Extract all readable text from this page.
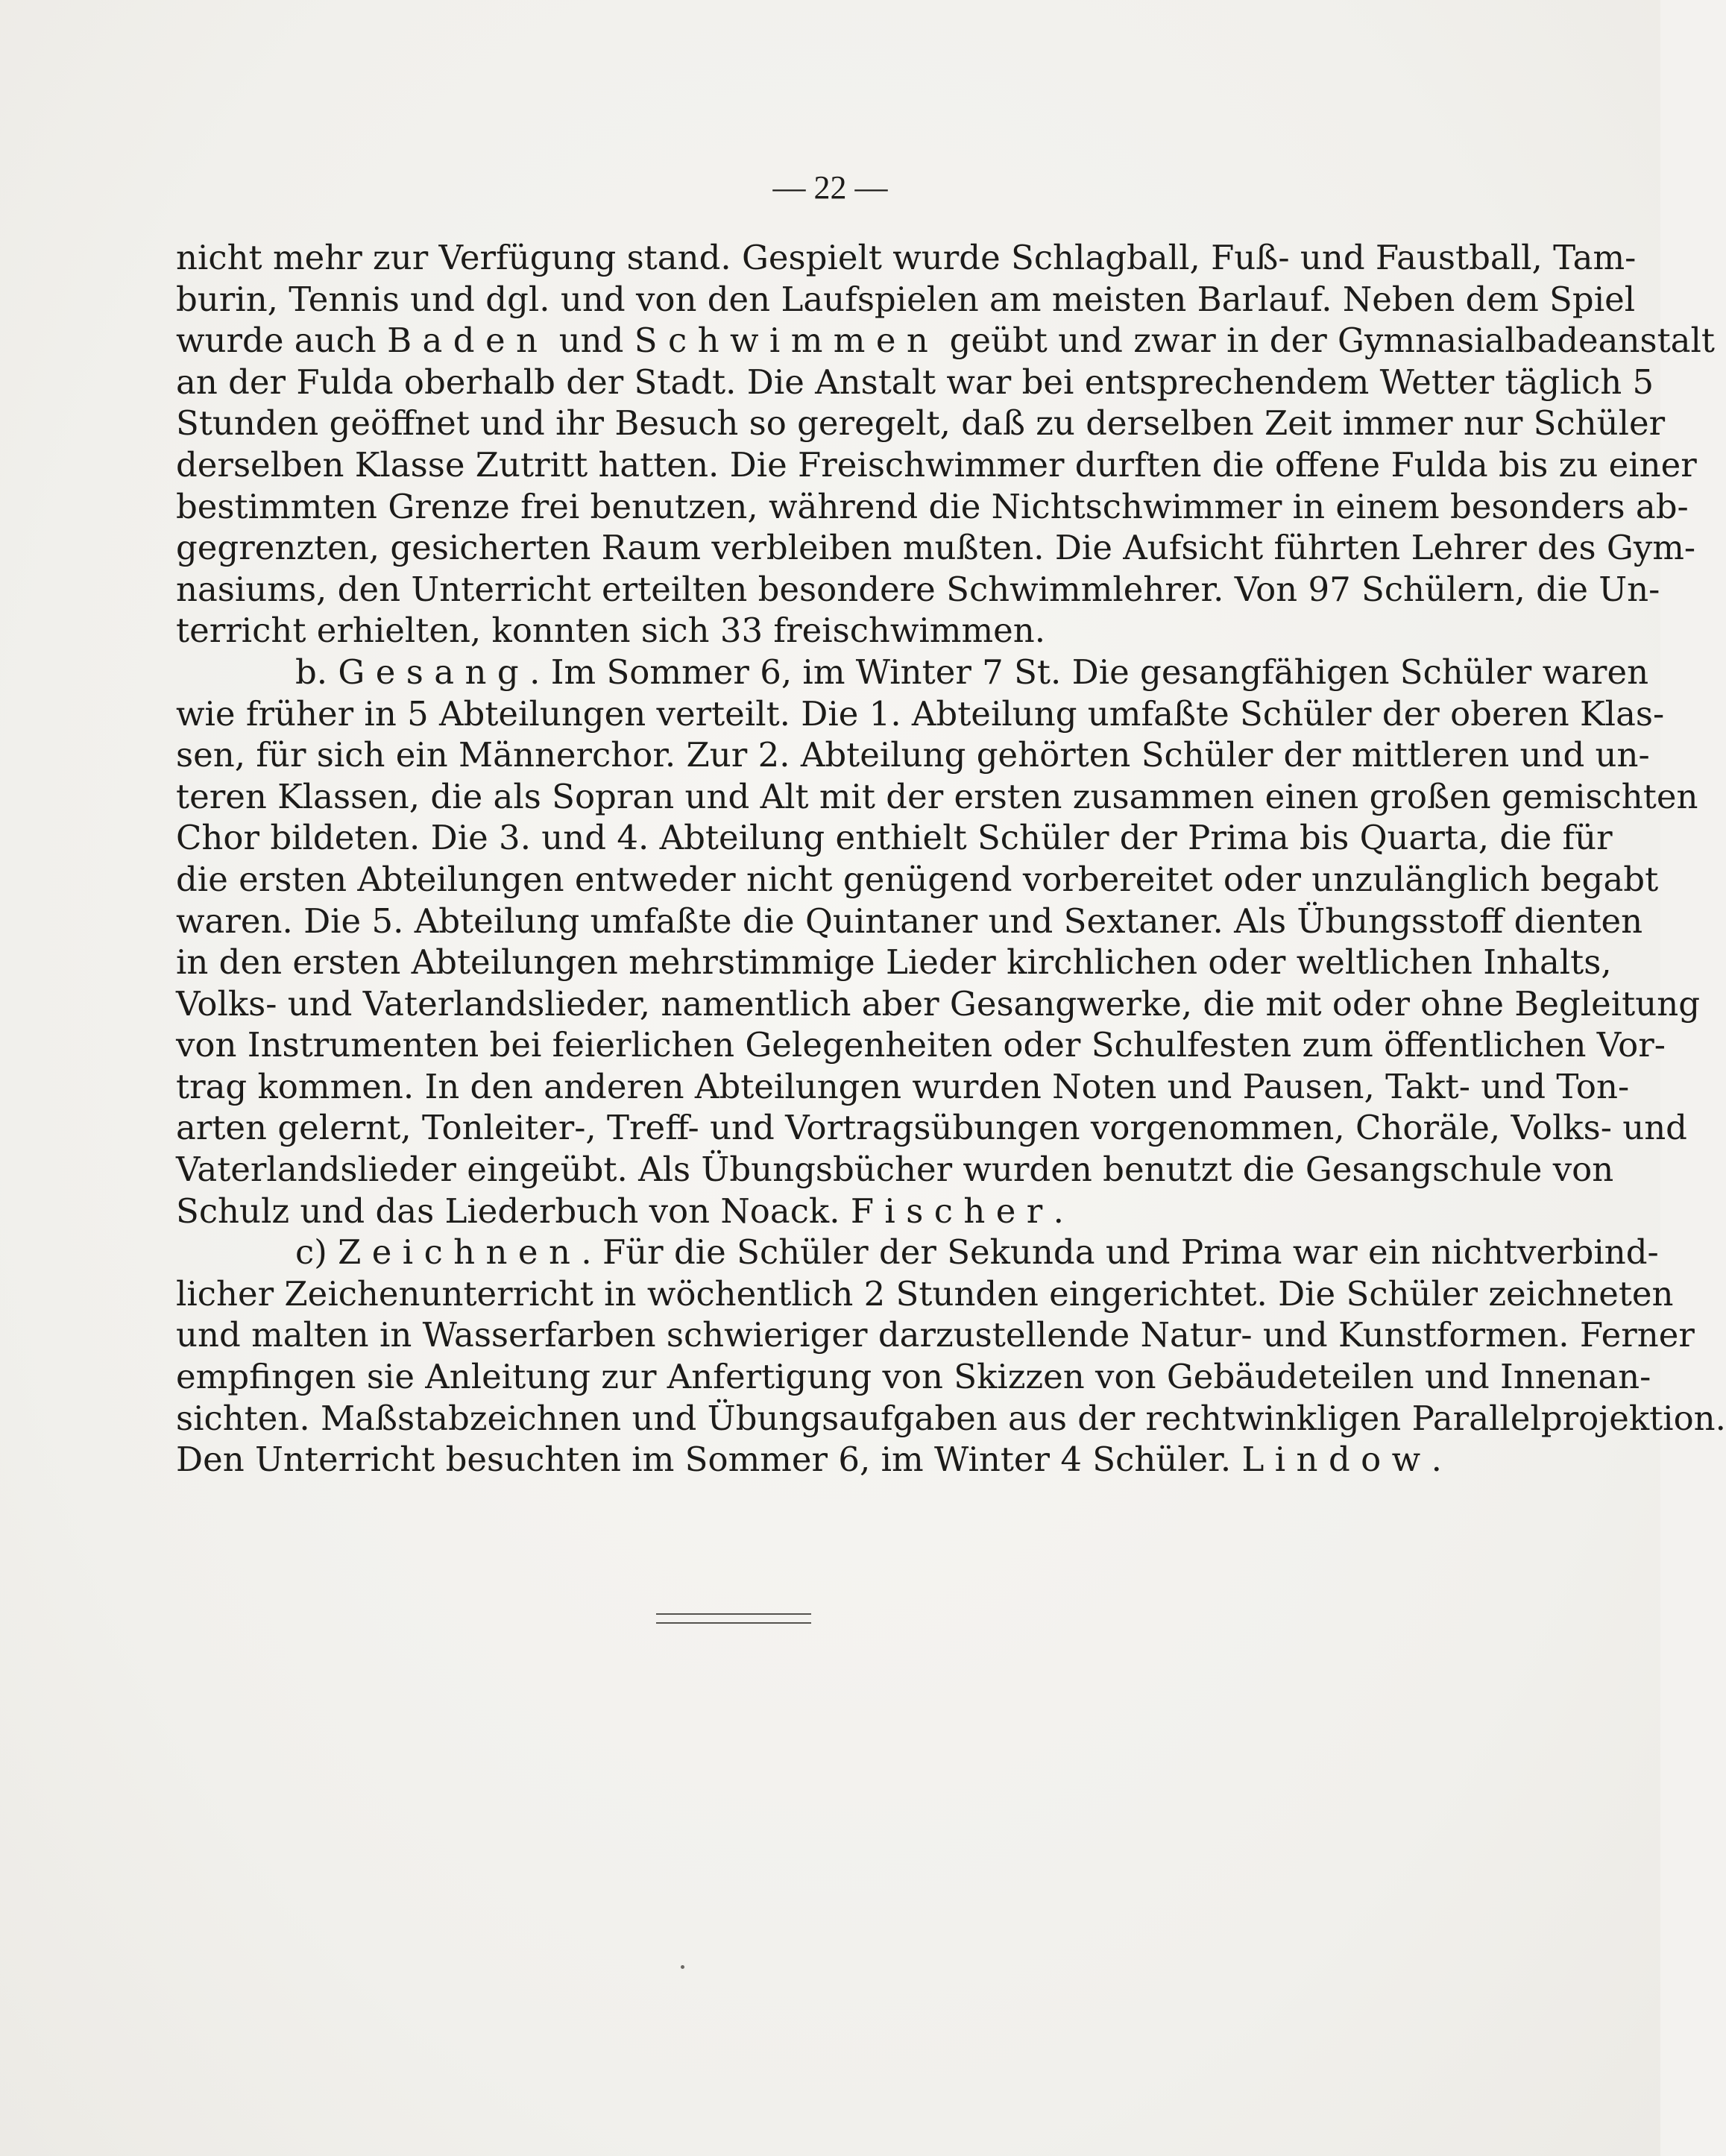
— 22 —
nicht mehr zur Verfügung stand. Gespielt wurde Schlagball, Fuß- und Faustball, Tam-
burin, Tennis und dgl. und von den Laufspielen am meisten Barlauf. Neben dem Spiel
wurde auch Baden und Schwimmen geübt und zwar in der Gymnasialbadeanstalt
an der Fulda oberhalb der Stadt. Die Anstalt war bei entsprechendem Wetter täglich 5
Stunden geöffnet und ihr Besuch so geregelt, daß zu derselben Zeit immer nur Schüler
derselben Klasse Zutritt hatten. Die Freischwimmer durften die offene Fulda bis zu einer
bestimmten Grenze frei benutzen, während die Nichtschwimmer in einem besonders ab-
gegrenzten, gesicherten Raum verbleiben mußten. Die Aufsicht führten Lehrer des Gym-
nasiums, den Unterricht erteilten besondere Schwimmlehrer. Von 97 Schülern, die Un-
terricht erhielten, konnten sich 33 freischwimmen.
b. Gesang. Im Sommer 6, im Winter 7 St. Die gesangfähigen Schüler waren
wie früher in 5 Abteilungen verteilt. Die 1. Abteilung umfaßte Schüler der oberen Klas-
sen, für sich ein Männerchor. Zur 2. Abteilung gehörten Schüler der mittleren und un-
teren Klassen, die als Sopran und Alt mit der ersten zusammen einen großen gemischten
Chor bildeten. Die 3. und 4. Abteilung enthielt Schüler der Prima bis Quarta, die für
die ersten Abteilungen entweder nicht genügend vorbereitet oder unzulänglich begabt
waren. Die 5. Abteilung umfaßte die Quintaner und Sextaner. Als Übungsstoff dienten
in den ersten Abteilungen mehrstimmige Lieder kirchlichen oder weltlichen Inhalts,
Volks- und Vaterlandslieder, namentlich aber Gesangwerke, die mit oder ohne Begleitung
von Instrumenten bei feierlichen Gelegenheiten oder Schulfesten zum öffentlichen Vor-
trag kommen. In den anderen Abteilungen wurden Noten und Pausen, Takt- und Ton-
arten gelernt, Tonleiter-, Treff- und Vortragsübungen vorgenommen, Choräle, Volks- und
Vaterlandslieder eingeübt. Als Übungsbücher wurden benutzt die Gesangschule von
Schulz und das Liederbuch von Noack. Fischer.
c) Zeichnen. Für die Schüler der Sekunda und Prima war ein nichtverbind-
licher Zeichenunterricht in wöchentlich 2 Stunden eingerichtet. Die Schüler zeichneten
und malten in Wasserfarben schwieriger darzustellende Natur- und Kunstformen. Ferner
empfingen sie Anleitung zur Anfertigung von Skizzen von Gebäudeteilen und Innenan-
sichten. Maßstabzeichnen und Übungsaufgaben aus der rechtwinkligen Parallelprojektion.
Den Unterricht besuchten im Sommer 6, im Winter 4 Schüler. Lindow.
